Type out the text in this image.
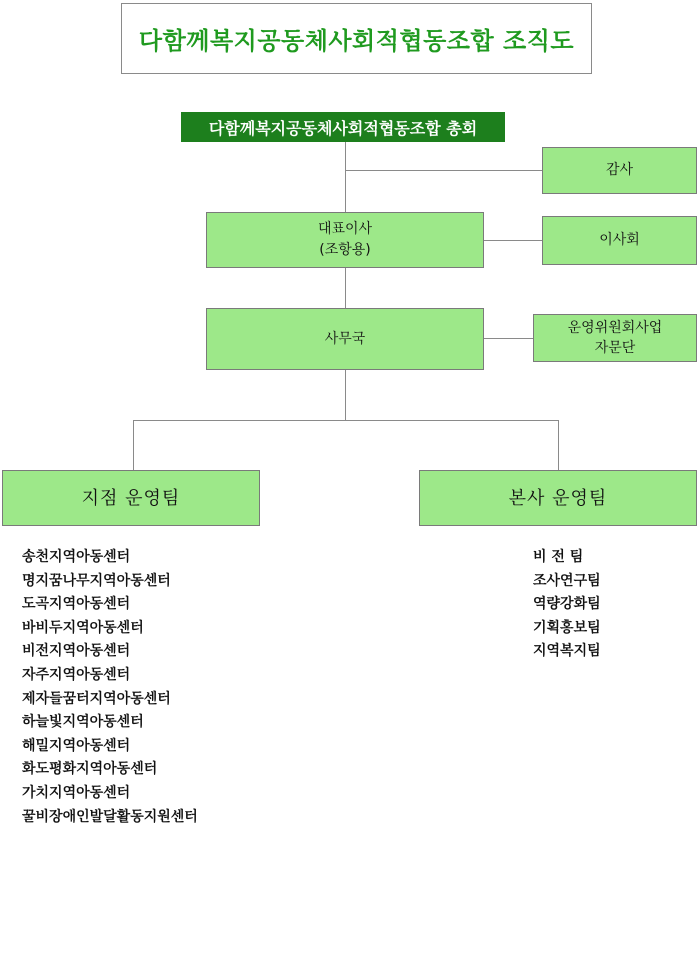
다함께복지공동체사회적협동조합 조직도
다함께복지공동체사회적협동조합 총회
감사
대표이사
(조항용)
이사회
사무국
운영위원회사업
자문단
지점 운영팀	본사 운영팀
송천지역아동센터
명지꿈나무지역아동센터
도곡지역아동센터
바비두지역아동센터
비전지역아동센터
자주지역아동센터
제자들꿈터지역아동센터
하늘빛지역아동센터
해밀지역아동센터
화도평화지역아동센터
가치지역아동센터
꿀비장애인발달활동지원센터
비 전 팀
조사연구팀
역량강화팀
기획홍보팀
지역복지팀
